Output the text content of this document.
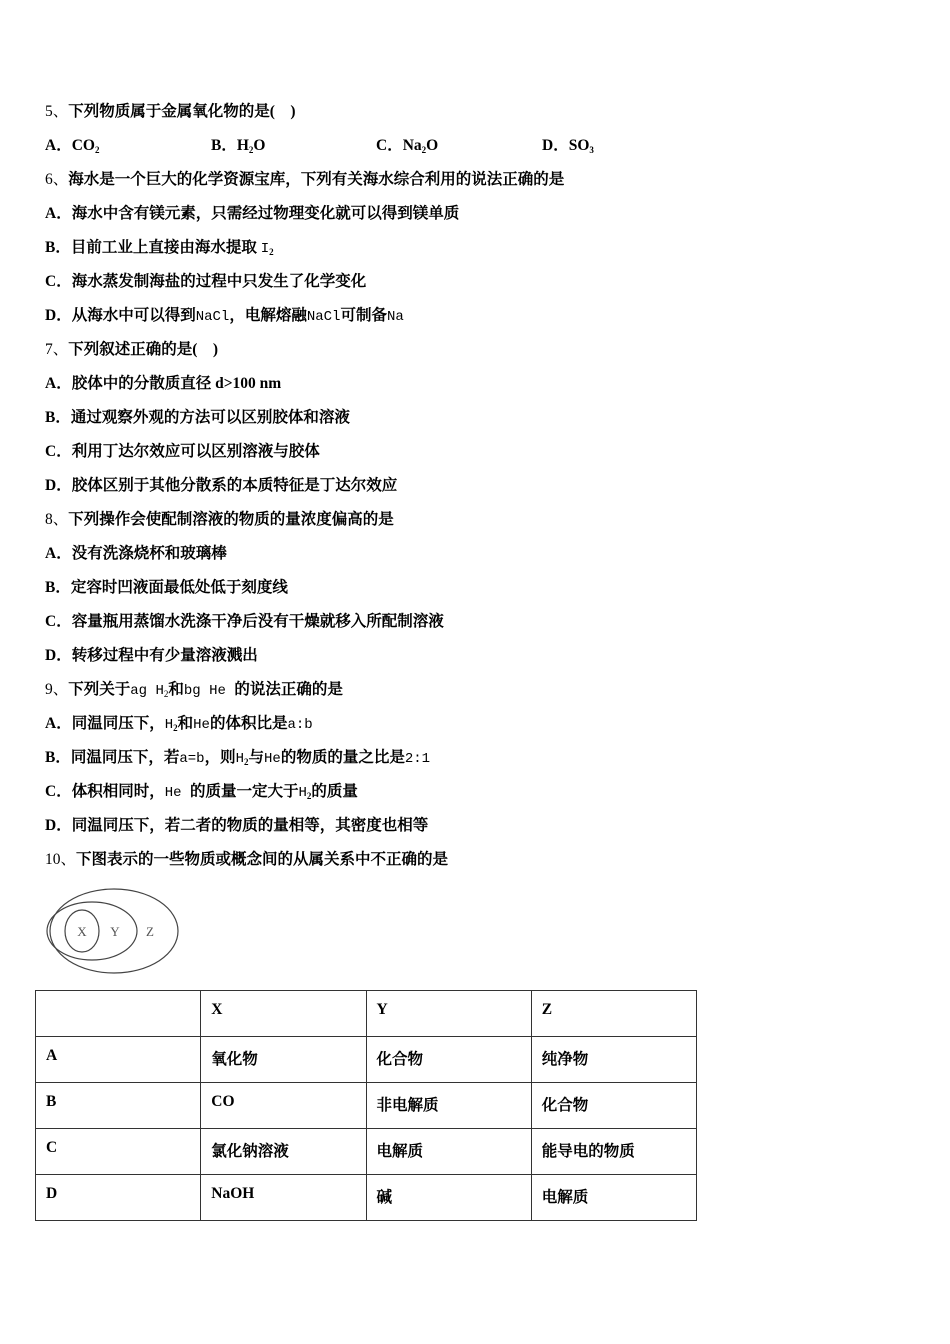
5、下列物质属于金属氧化物的是(　)
A．$CO_2$	B．$H_2O$	C．$Na_2O$	D．$SO_3$
6、海水是一个巨大的化学资源宝库，下列有关海水综合利用的说法正确的是
A．海水中含有镁元素，只需经过物理变化就可以得到镁单质
B．目前工业上直接由海水提取 $I_2$
C．海水蒸发制海盐的过程中只发生了化学变化
D．从海水中可以得到NaCl，电解熔融NaCl可制备Na
7、下列叙述正确的是(　)
A．胶体中的分散质直径 d>100 nm
B．通过观察外观的方法可以区别胶体和溶液
C．利用丁达尔效应可以区别溶液与胶体
D．胶体区别于其他分散系的本质特征是丁达尔效应
8、下列操作会使配制溶液的物质的量浓度偏高的是
A．没有洗涤烧杯和玻璃棒
B．定容时凹液面最低处低于刻度线
C．容量瓶用蒸馏水洗涤干净后没有干燥就移入所配制溶液
D．转移过程中有少量溶液溅出
9、下列关于ag $H_2$和bg He 的说法正确的是
A．同温同压下，$H_2$和He的体积比是a:b
B．同温同压下，若a=b，则$H_2$与He的物质的量之比是2:1
C．体积相同时，He 的质量一定大于$H_2$的质量
D．同温同压下，若二者的物质的量相等，其密度也相等
10、下图表示的一些物质或概念间的从属关系中不正确的是
X Y Z
	X	Y	Z
A	氧化物	化合物	纯净物
B	CO	非电解质	化合物
C	氯化钠溶液	电解质	能导电的物质
D	NaOH	碱	电解质
